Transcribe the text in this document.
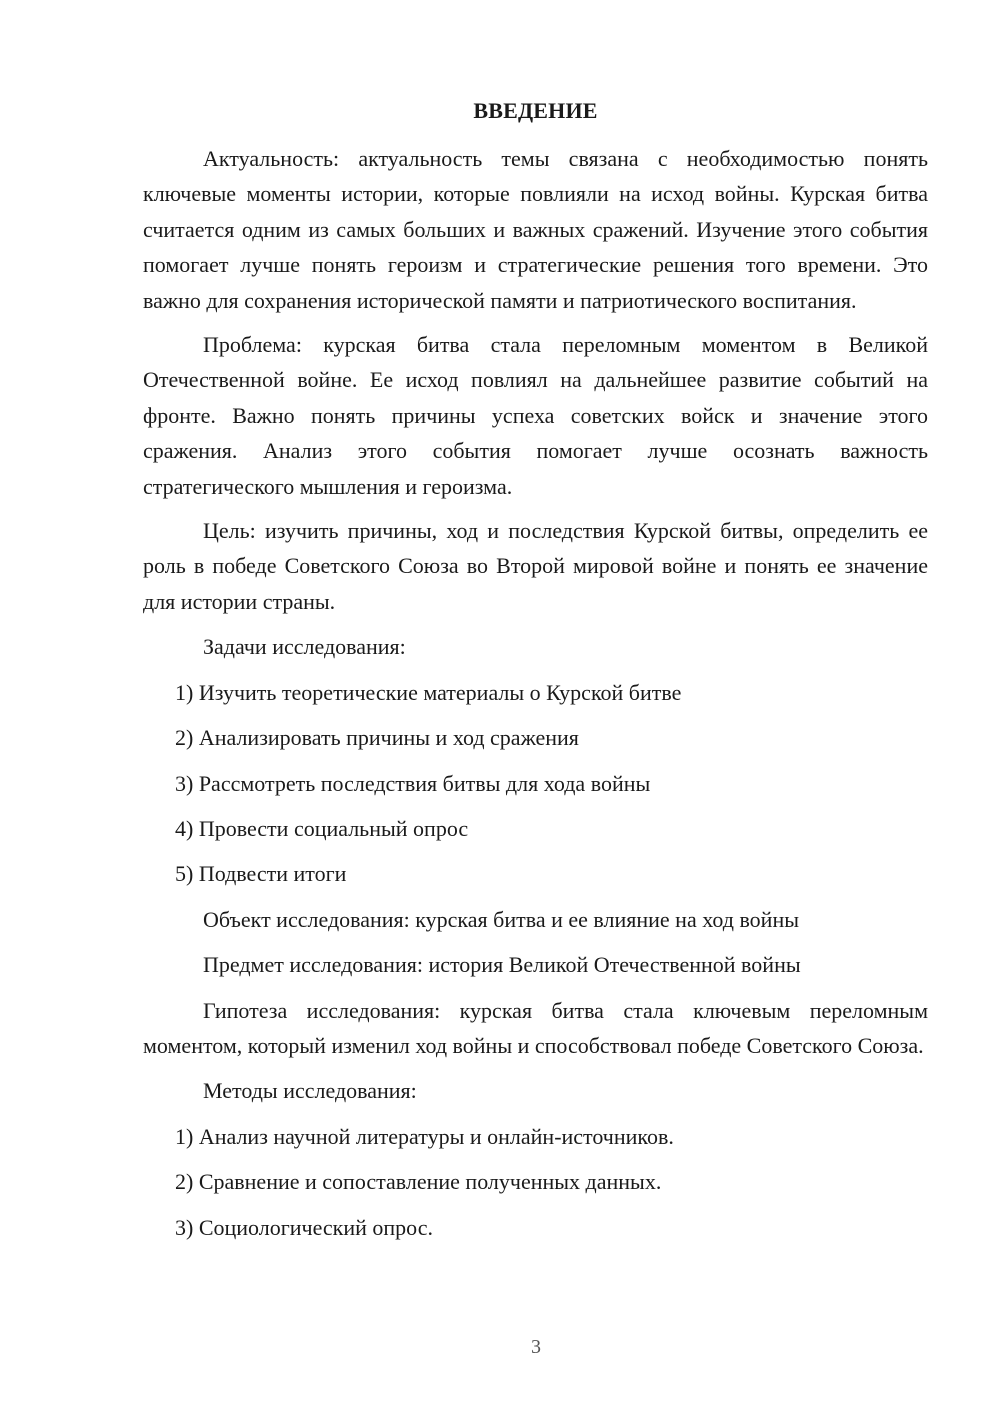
ВВЕДЕНИЕ

Актуальность: актуальность темы связана с необходимостью понять ключевые моменты истории, которые повлияли на исход войны. Курская битва считается одним из самых больших и важных сражений. Изучение этого события помогает лучше понять героизм и стратегические решения того времени. Это важно для сохранения исторической памяти и патриотического воспитания.

Проблема: курская битва стала переломным моментом в Великой Отечественной войне. Ее исход повлиял на дальнейшее развитие событий на фронте. Важно понять причины успеха советских войск и значение этого сражения. Анализ этого события помогает лучше осознать важность стратегического мышления и героизма.

Цель: изучить причины, ход и последствия Курской битвы, определить ее роль в победе Советского Союза во Второй мировой войне и понять ее значение для истории страны.

Задачи исследования:

1) Изучить теоретические материалы о Курской битве

2) Анализировать причины и ход сражения

3) Рассмотреть последствия битвы для хода войны

4) Провести социальный опрос

5) Подвести итоги

Объект исследования: курская битва и ее влияние на ход войны

Предмет исследования: история Великой Отечественной войны

Гипотеза исследования: курская битва стала ключевым переломным моментом, который изменил ход войны и способствовал победе Советского Союза.

Методы исследования:

1) Анализ научной литературы и онлайн-источников.

2) Сравнение и сопоставление полученных данных.

3) Социологический опрос.

3
